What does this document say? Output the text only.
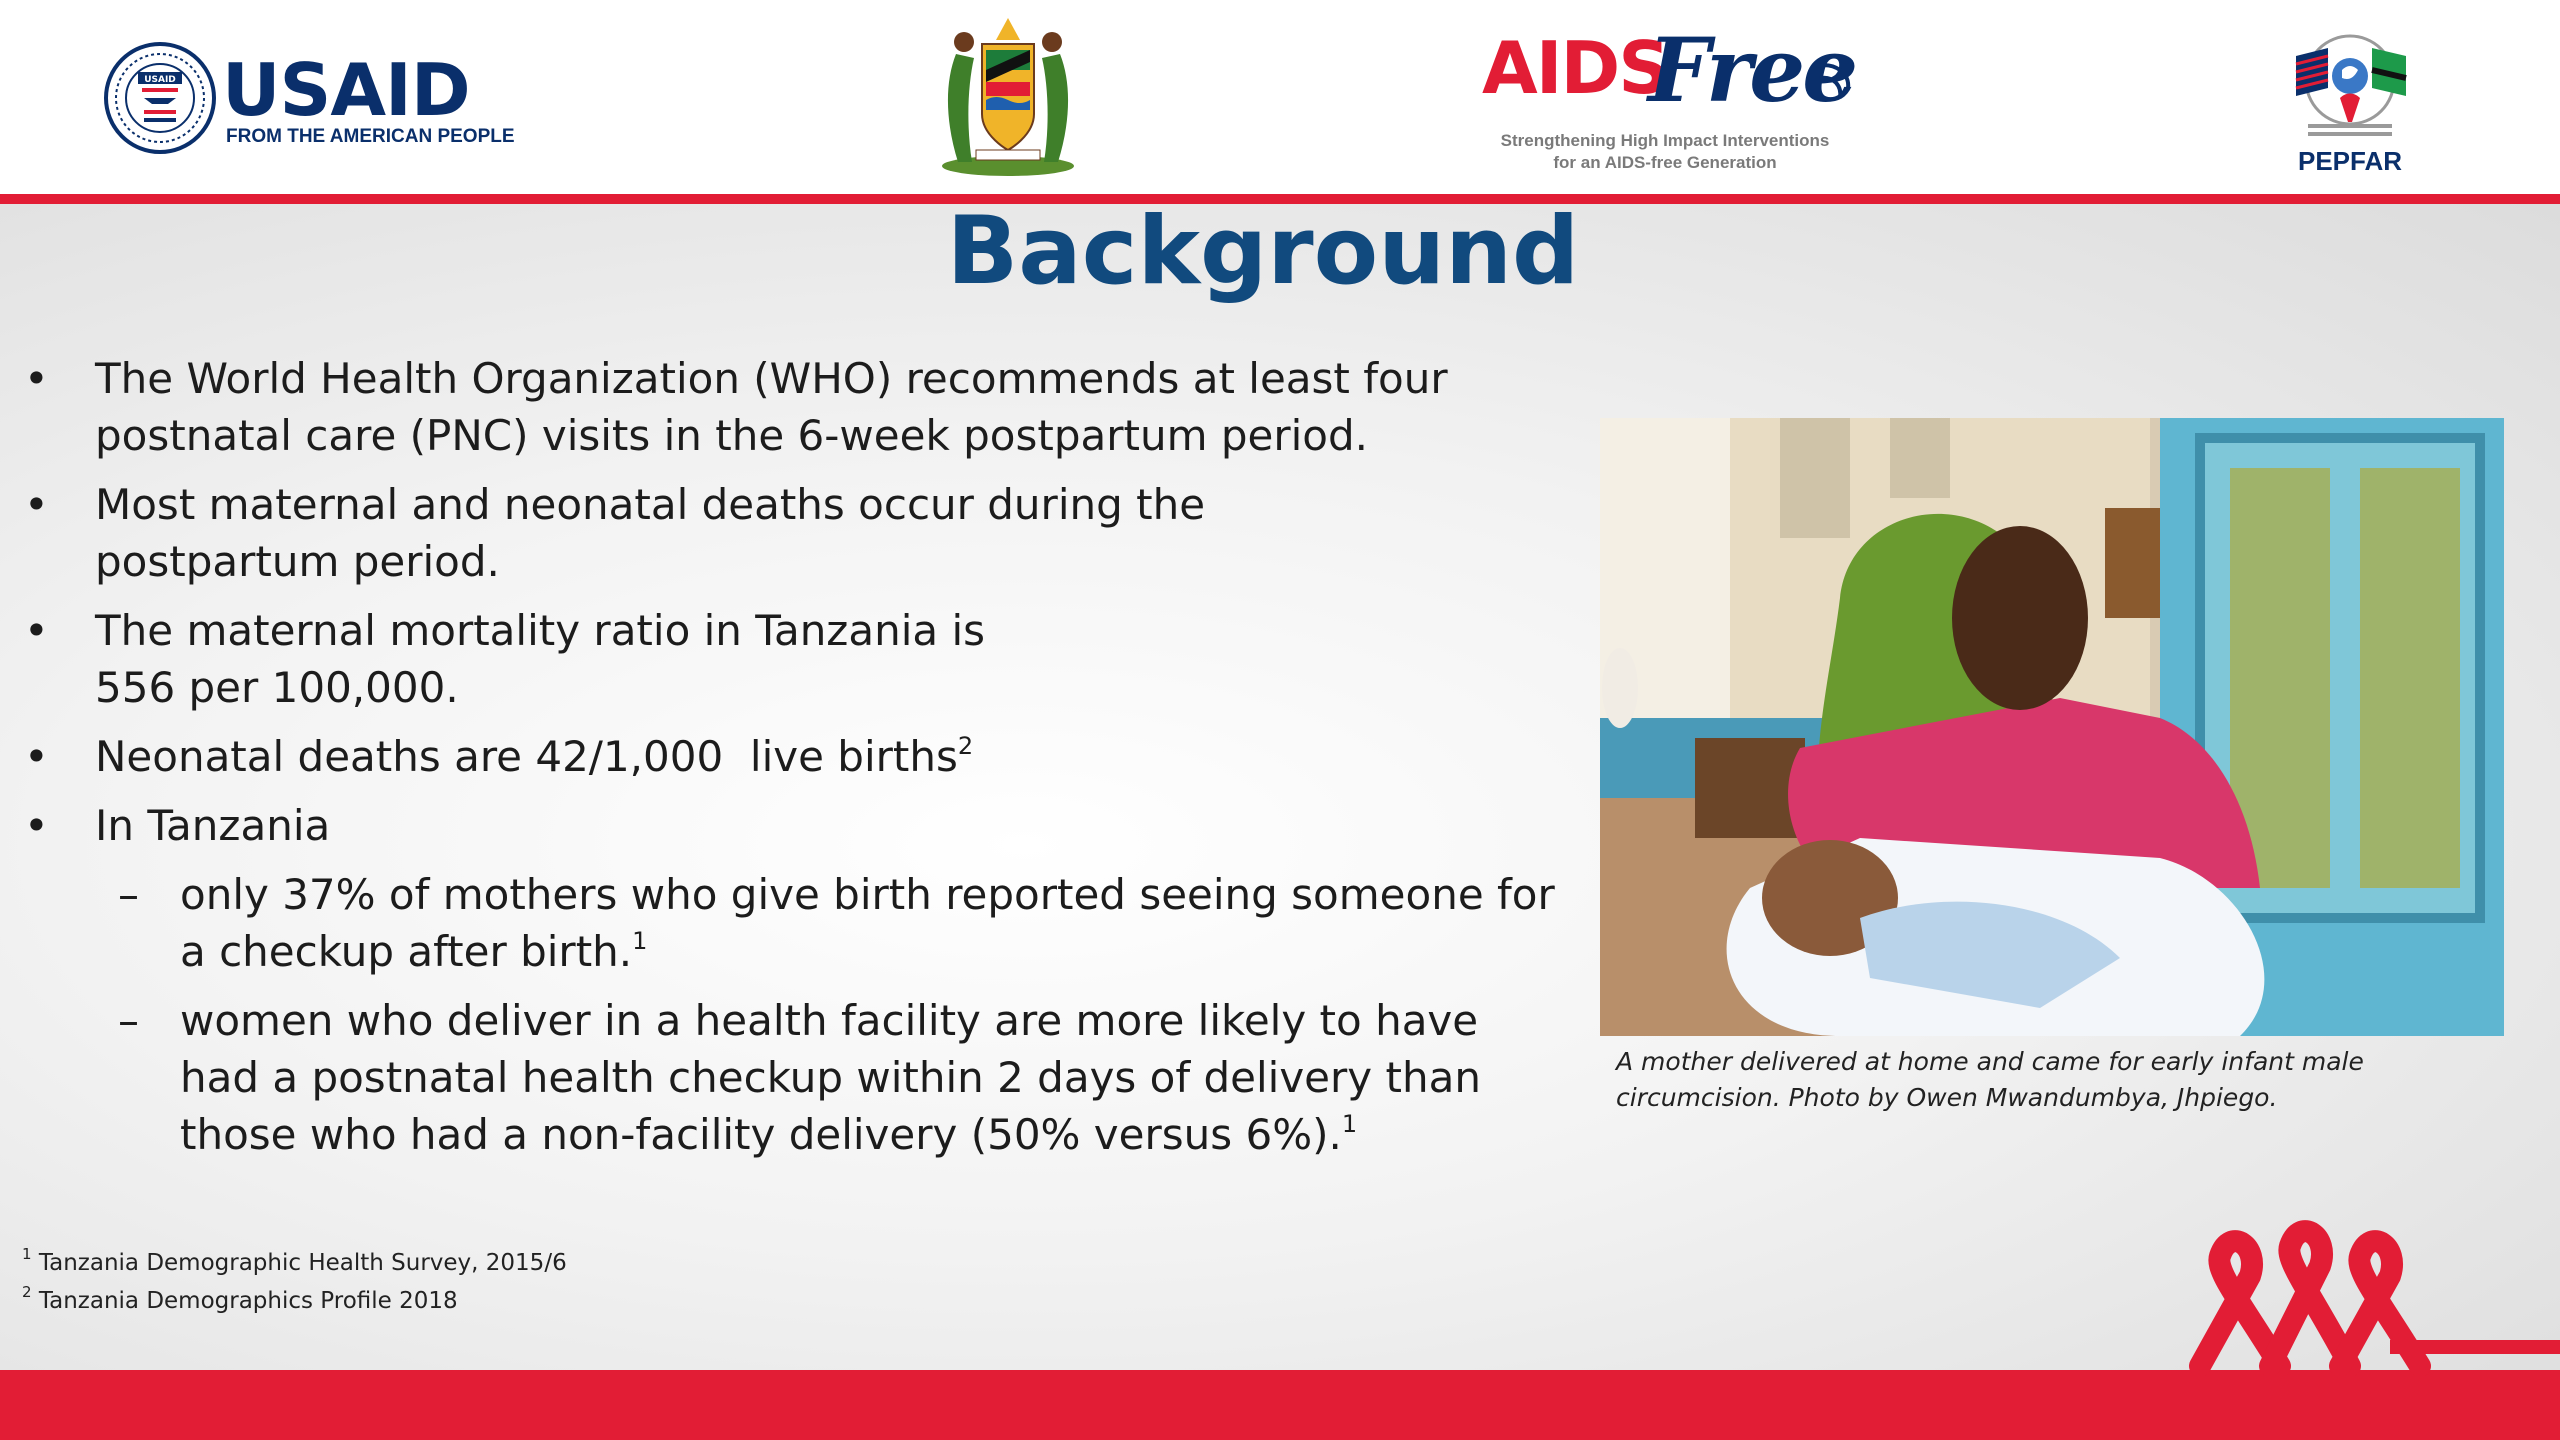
USAID USAID
FROM THE AMERICAN PEOPLE
AIDS
Free
Strengthening High Impact Interventions
for an AIDS-free Generation	PEPFAR
Background
• The World Health Organization (WHO) recommends at least four postnatal care (PNC) visits in the 6-week postpartum period.
• Most maternal and neonatal deaths occur during the postpartum period.
• The maternal mortality ratio in Tanzania is
556 per 100,000.
• Neonatal deaths are 42/1,000  live births$^2$
• In Tanzania
– only 37% of mothers who give birth reported seeing someone for a checkup after birth.$^1$
– women who deliver in a health facility are more likely to have had a postnatal health checkup within 2 days of delivery than those who had a non-facility delivery (50% versus 6%).$^1$
A mother delivered at home and came for early infant male circumcision. Photo by Owen Mwandumbya, Jhpiego.
$^1$ Tanzania Demographic Health Survey, 2015/6
$^2$ Tanzania Demographics Profile 2018
